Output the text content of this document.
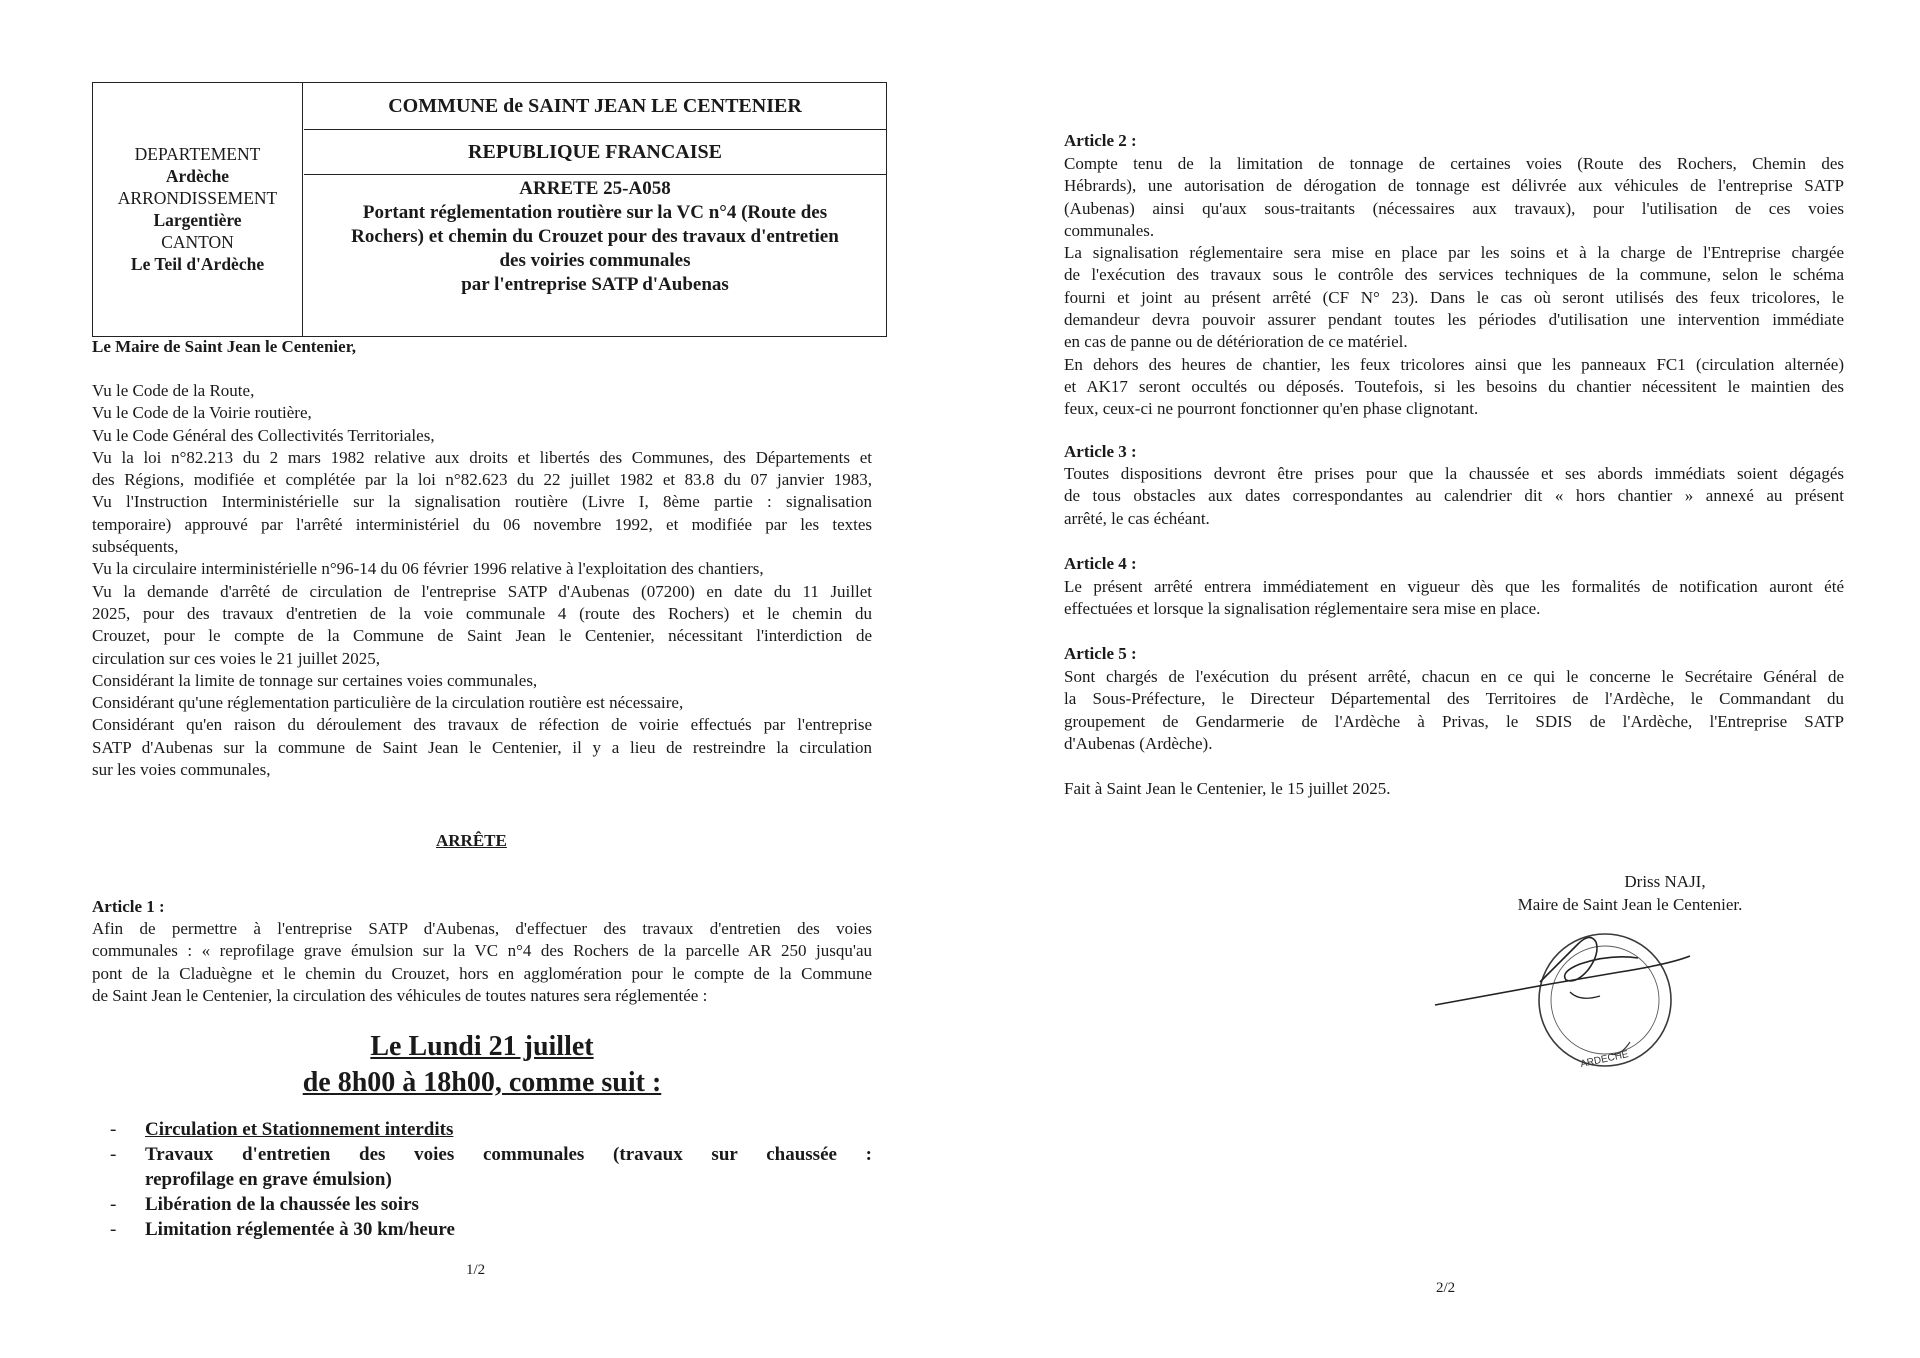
DEPARTEMENT
Ardèche
ARRONDISSEMENT
Largentière
CANTON
Le Teil d'Ardèche
COMMUNE de SAINT JEAN LE CENTENIER
REPUBLIQUE FRANCAISE
ARRETE 25-A058
Portant réglementation routière sur la VC n°4 (Route des
Rochers) et chemin du Crouzet pour des travaux d'entretien
des voiries communales
par l'entreprise SATP d'Aubenas
Le Maire de Saint Jean le Centenier,
Vu le Code de la Route,
Vu le Code de la Voirie routière,
Vu le Code Général des Collectivités Territoriales,
Vu la loi n°82.213 du 2 mars 1982 relative aux droits et libertés des Communes, des Départements et
des Régions, modifiée et complétée par la loi n°82.623 du 22 juillet 1982 et 83.8 du 07 janvier 1983,
Vu l'Instruction Interministérielle sur la signalisation routière (Livre I, 8ème partie : signalisation
temporaire) approuvé par l'arrêté interministériel du 06 novembre 1992, et modifiée par les textes
subséquents,
Vu la circulaire interministérielle n°96-14 du 06 février 1996 relative à l'exploitation des chantiers,
Vu la demande d'arrêté de circulation de l'entreprise SATP d'Aubenas (07200) en date du 11 Juillet
2025, pour des travaux d'entretien de la voie communale 4 (route des Rochers) et le chemin du
Crouzet, pour le compte de la Commune de Saint Jean le Centenier, nécessitant l'interdiction de
circulation sur ces voies le 21 juillet 2025,
Considérant la limite de tonnage sur certaines voies communales,
Considérant qu'une réglementation particulière de la circulation routière est nécessaire,
Considérant qu'en raison du déroulement des travaux de réfection de voirie effectués par l'entreprise
SATP d'Aubenas sur la commune de Saint Jean le Centenier, il y a lieu de restreindre la circulation
sur les voies communales,
ARRÊTE
Article 1 :
Afin de permettre à l'entreprise SATP d'Aubenas, d'effectuer des travaux d'entretien des voies
communales : « reprofilage grave émulsion sur la VC n°4 des Rochers de la parcelle AR 250 jusqu'au
pont de la Claduègne et le chemin du Crouzet, hors en agglomération pour le compte de la Commune
de Saint Jean le Centenier, la circulation des véhicules de toutes natures sera réglementée :
Le Lundi 21 juillet
de 8h00 à 18h00, comme suit :
- Circulation et Stationnement interdits
- Travaux d'entretien des voies communales (travaux sur chaussée :
reprofilage en grave émulsion)
- Libération de la chaussée les soirs
- Limitation réglementée à 30 km/heure
1/2
Article 2 :
Compte tenu de la limitation de tonnage de certaines voies (Route des Rochers, Chemin des
Hébrards), une autorisation de dérogation de tonnage est délivrée aux véhicules de l'entreprise SATP
(Aubenas) ainsi qu'aux sous-traitants (nécessaires aux travaux), pour l'utilisation de ces voies
communales.
La signalisation réglementaire sera mise en place par les soins et à la charge de l'Entreprise chargée
de l'exécution des travaux sous le contrôle des services techniques de la commune, selon le schéma
fourni et joint au présent arrêté (CF N° 23). Dans le cas où seront utilisés des feux tricolores, le
demandeur devra pouvoir assurer pendant toutes les périodes d'utilisation une intervention immédiate
en cas de panne ou de détérioration de ce matériel.
En dehors des heures de chantier, les feux tricolores ainsi que les panneaux FC1 (circulation alternée)
et AK17 seront occultés ou déposés. Toutefois, si les besoins du chantier nécessitent le maintien des
feux, ceux-ci ne pourront fonctionner qu'en phase clignotant.
Article 3 :
Toutes dispositions devront être prises pour que la chaussée et ses abords immédiats soient dégagés
de tous obstacles aux dates correspondantes au calendrier dit « hors chantier » annexé au présent
arrêté, le cas échéant.
Article 4 :
Le présent arrêté entrera immédiatement en vigueur dès que les formalités de notification auront été
effectuées et lorsque la signalisation réglementaire sera mise en place.
Article 5 :
Sont chargés de l'exécution du présent arrêté, chacun en ce qui le concerne le Secrétaire Général de
la Sous-Préfecture, le Directeur Départemental des Territoires de l'Ardèche, le Commandant du
groupement de Gendarmerie de l'Ardèche à Privas, le SDIS de l'Ardèche, l'Entreprise SATP
d'Aubenas (Ardèche).
Fait à Saint Jean le Centenier, le 15 juillet 2025.
Driss NAJI,
Maire de Saint Jean le Centenier.
2/2
ARDECHE
